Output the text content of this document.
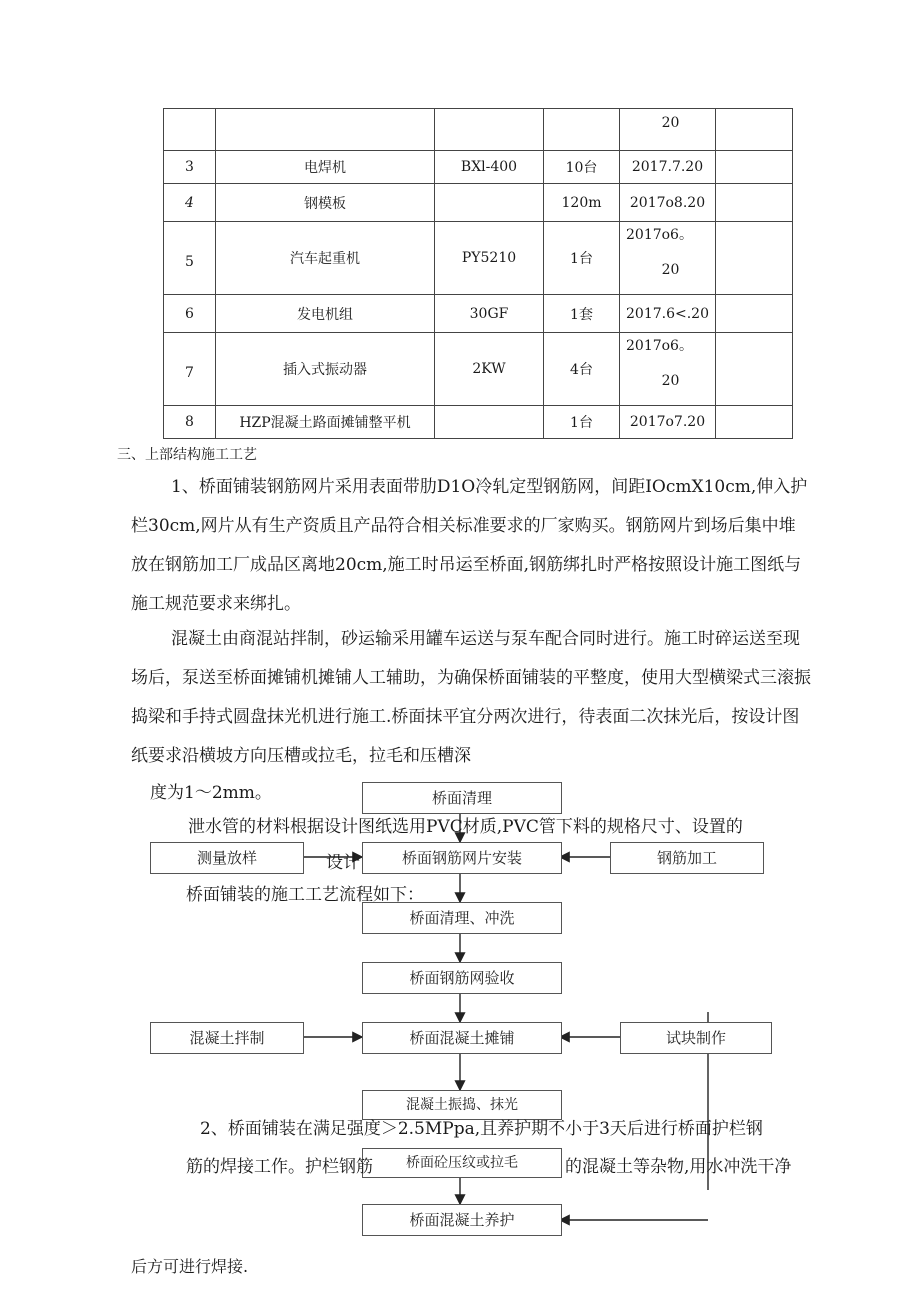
				20	

3	电焊机	BXl-400	10台	2017.7.20	
4	钢模板		120m	2017o8.20	
5	汽车起重机	PY5210	1台	2017o6。
20	

6	发电机组	30GF	1套	2017.6<.20	
7	插入式振动器	2KW	4台	2017o6。
20	

8	HZP混凝土路面摊铺整平机		1台	2017o7.20	
三、上部结构施工工艺
1、桥面铺装钢筋网片采用表面带肋D1O冷轧定型钢筋网，间距IOcmX10cm,伸入护栏30cm,网片从有生产资质且产品符合相关标准要求的厂家购买。钢筋网片到场后集中堆放在钢筋加工厂成品区离地20cm,施工时吊运至桥面,钢筋绑扎时严格按照设计施工图纸与施工规范要求来绑扎。
混凝土由商混站拌制，砂运输采用罐车运送与泵车配合同时进行。施工时碎运送至现场后，泵送至桥面摊铺机摊铺人工辅助，为确保桥面铺装的平整度，使用大型横梁式三滚振捣梁和手持式圆盘抹光机进行施工.桥面抹平宜分两次进行，待表面二次抹光后，按设计图纸要求沿横坡方向压槽或拉毛，拉毛和压槽深
桥面清理
桥面钢筋网片安装
桥面清理、冲洗
桥面钢筋网验收
桥面混凝土摊铺
混凝土振捣、抹光
桥面砼压纹或拉毛
桥面混凝土养护
测量放样
混凝土拌制
钢筋加工
试块制作
度为1～2mm。
泄水管的材料根据设计图纸选用PVC材质,PVC管下料的规格尺寸、设置的
设计
桥面铺装的施工工艺流程如下：
2、桥面铺装在满足强度＞2.5MPpa,且养护期不小于3天后进行桥面护栏钢
筋的焊接工作。护栏钢筋	的混凝土等杂物,用水冲洗干净
后方可进行焊接.
